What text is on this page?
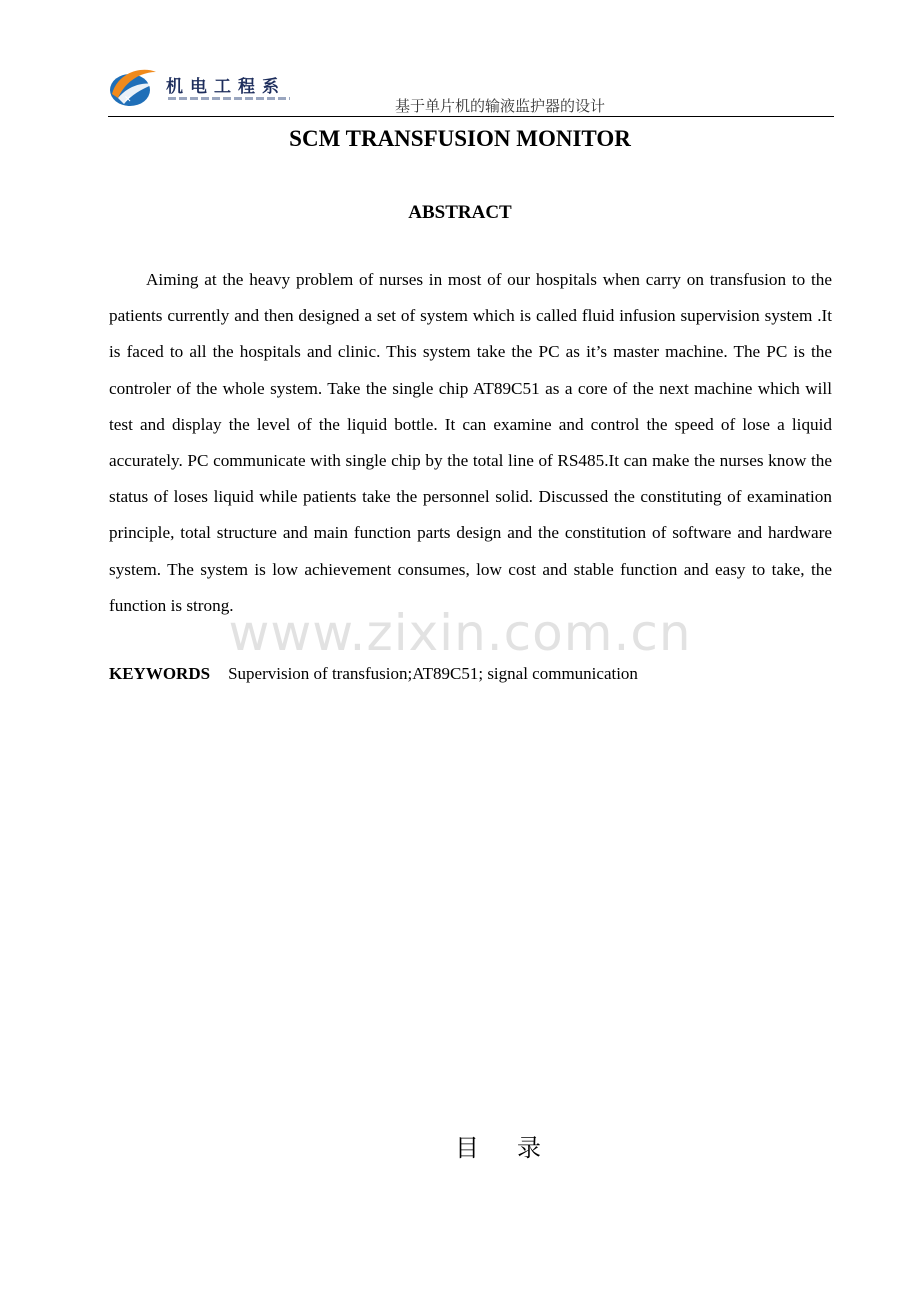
✕
机电工程系
基于单片机的输液监护器的设计
SCM TRANSFUSION MONITOR
ABSTRACT

Aiming at the heavy problem of nurses in most of our hospitals when carry on transfusion to the patients currently and then designed a set of system which is called fluid infusion supervision system .It is faced to all the hospitals and clinic. This system take the PC as it’s master machine. The PC is the controler of the whole system. Take the single chip AT89C51 as a core of the next machine which will test and display the level of the liquid bottle. It can examine and control the speed of lose a liquid accurately. PC communicate with single chip by the total line of RS485.It can make the nurses know the status of loses liquid while patients take the personnel solid. Discussed the constituting of examination principle, total structure and main function parts design and the constitution of software and hardware system. The system is low achievement consumes, low cost and stable function and easy to take, the function is strong.

www.zixin.com.cn
KEYWORDS Supervision of transfusion;AT89C51; signal communication
目录
